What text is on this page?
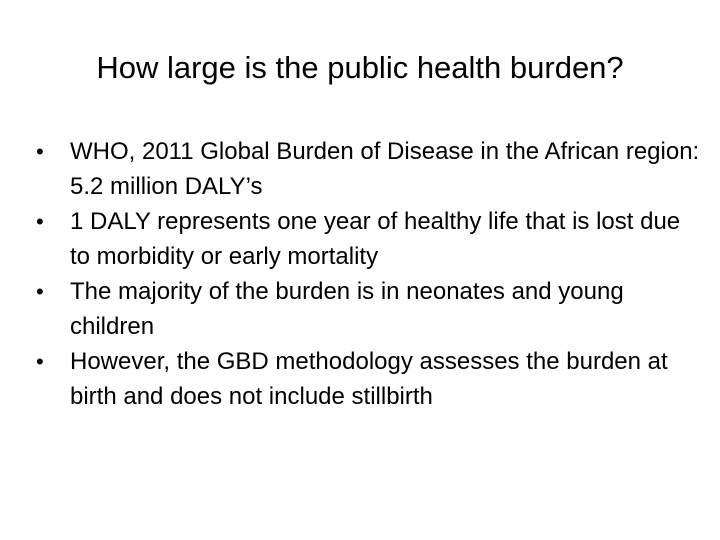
How large is the public health burden?
•	WHO, 2011 Global Burden of Disease in the African region: 5.2 million DALY’s
•	1 DALY represents one year of healthy life that is lost due to morbidity or early mortality
•	The majority of the burden is in neonates and young children
•	However, the GBD methodology assesses the burden at birth and does not include stillbirth
